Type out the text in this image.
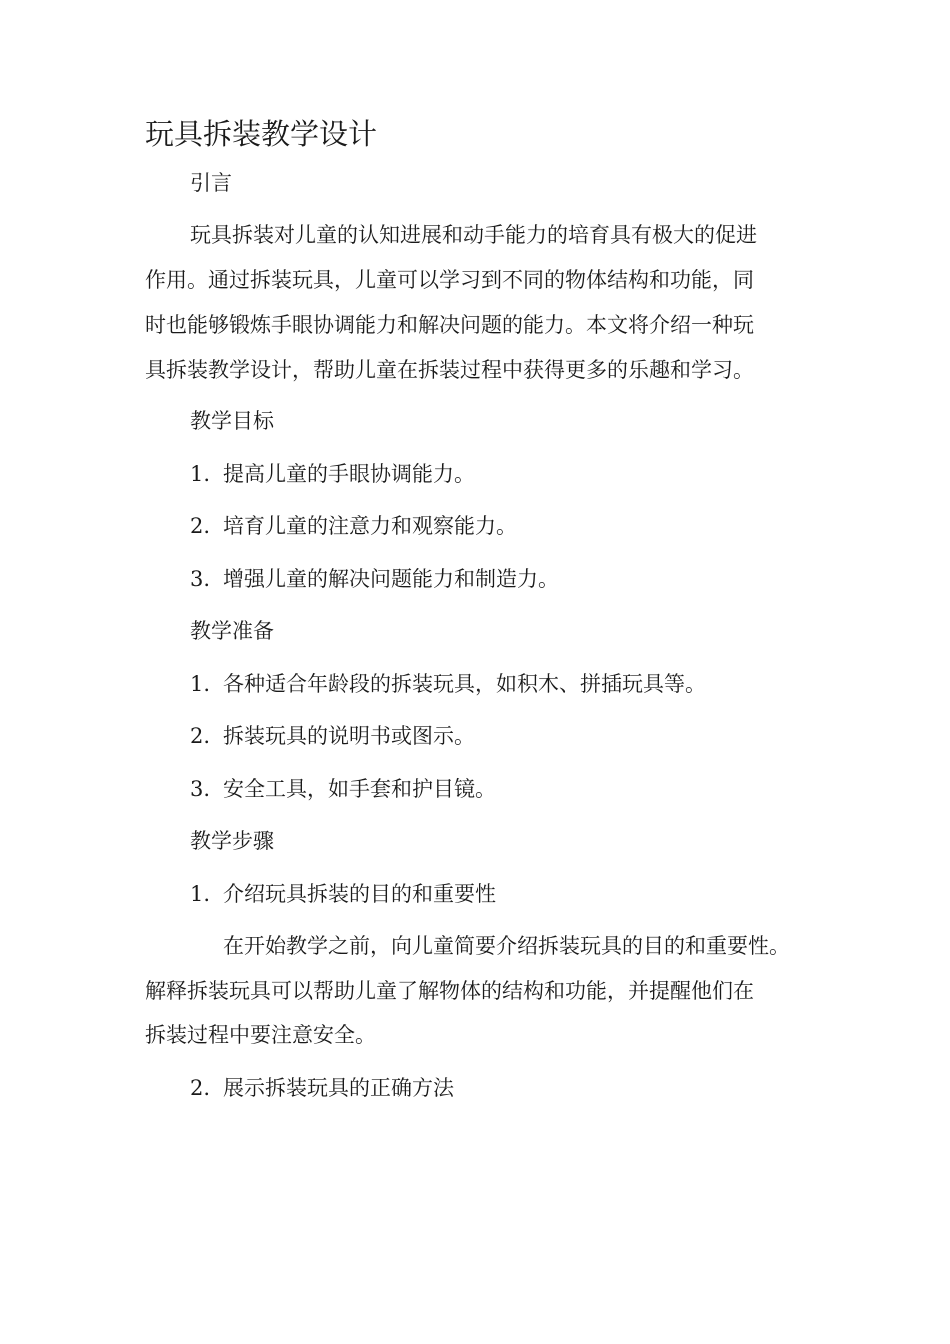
玩具拆装教学设计

引言

玩具拆装对儿童的认知进展和动手能力的培育具有极大的促进

作用。通过拆装玩具，儿童可以学习到不同的物体结构和功能，同

时也能够锻炼手眼协调能力和解决问题的能力。本文将介绍一种玩

具拆装教学设计，帮助儿童在拆装过程中获得更多的乐趣和学习。

教学目标

1. 提高儿童的手眼协调能力。

2. 培育儿童的注意力和观察能力。

3. 增强儿童的解决问题能力和制造力。

教学准备

1. 各种适合年龄段的拆装玩具，如积木、拼插玩具等。

2. 拆装玩具的说明书或图示。

3. 安全工具，如手套和护目镜。

教学步骤

1. 介绍玩具拆装的目的和重要性

在开始教学之前，向儿童简要介绍拆装玩具的目的和重要性。

解释拆装玩具可以帮助儿童了解物体的结构和功能，并提醒他们在

拆装过程中要注意安全。

2. 展示拆装玩具的正确方法
